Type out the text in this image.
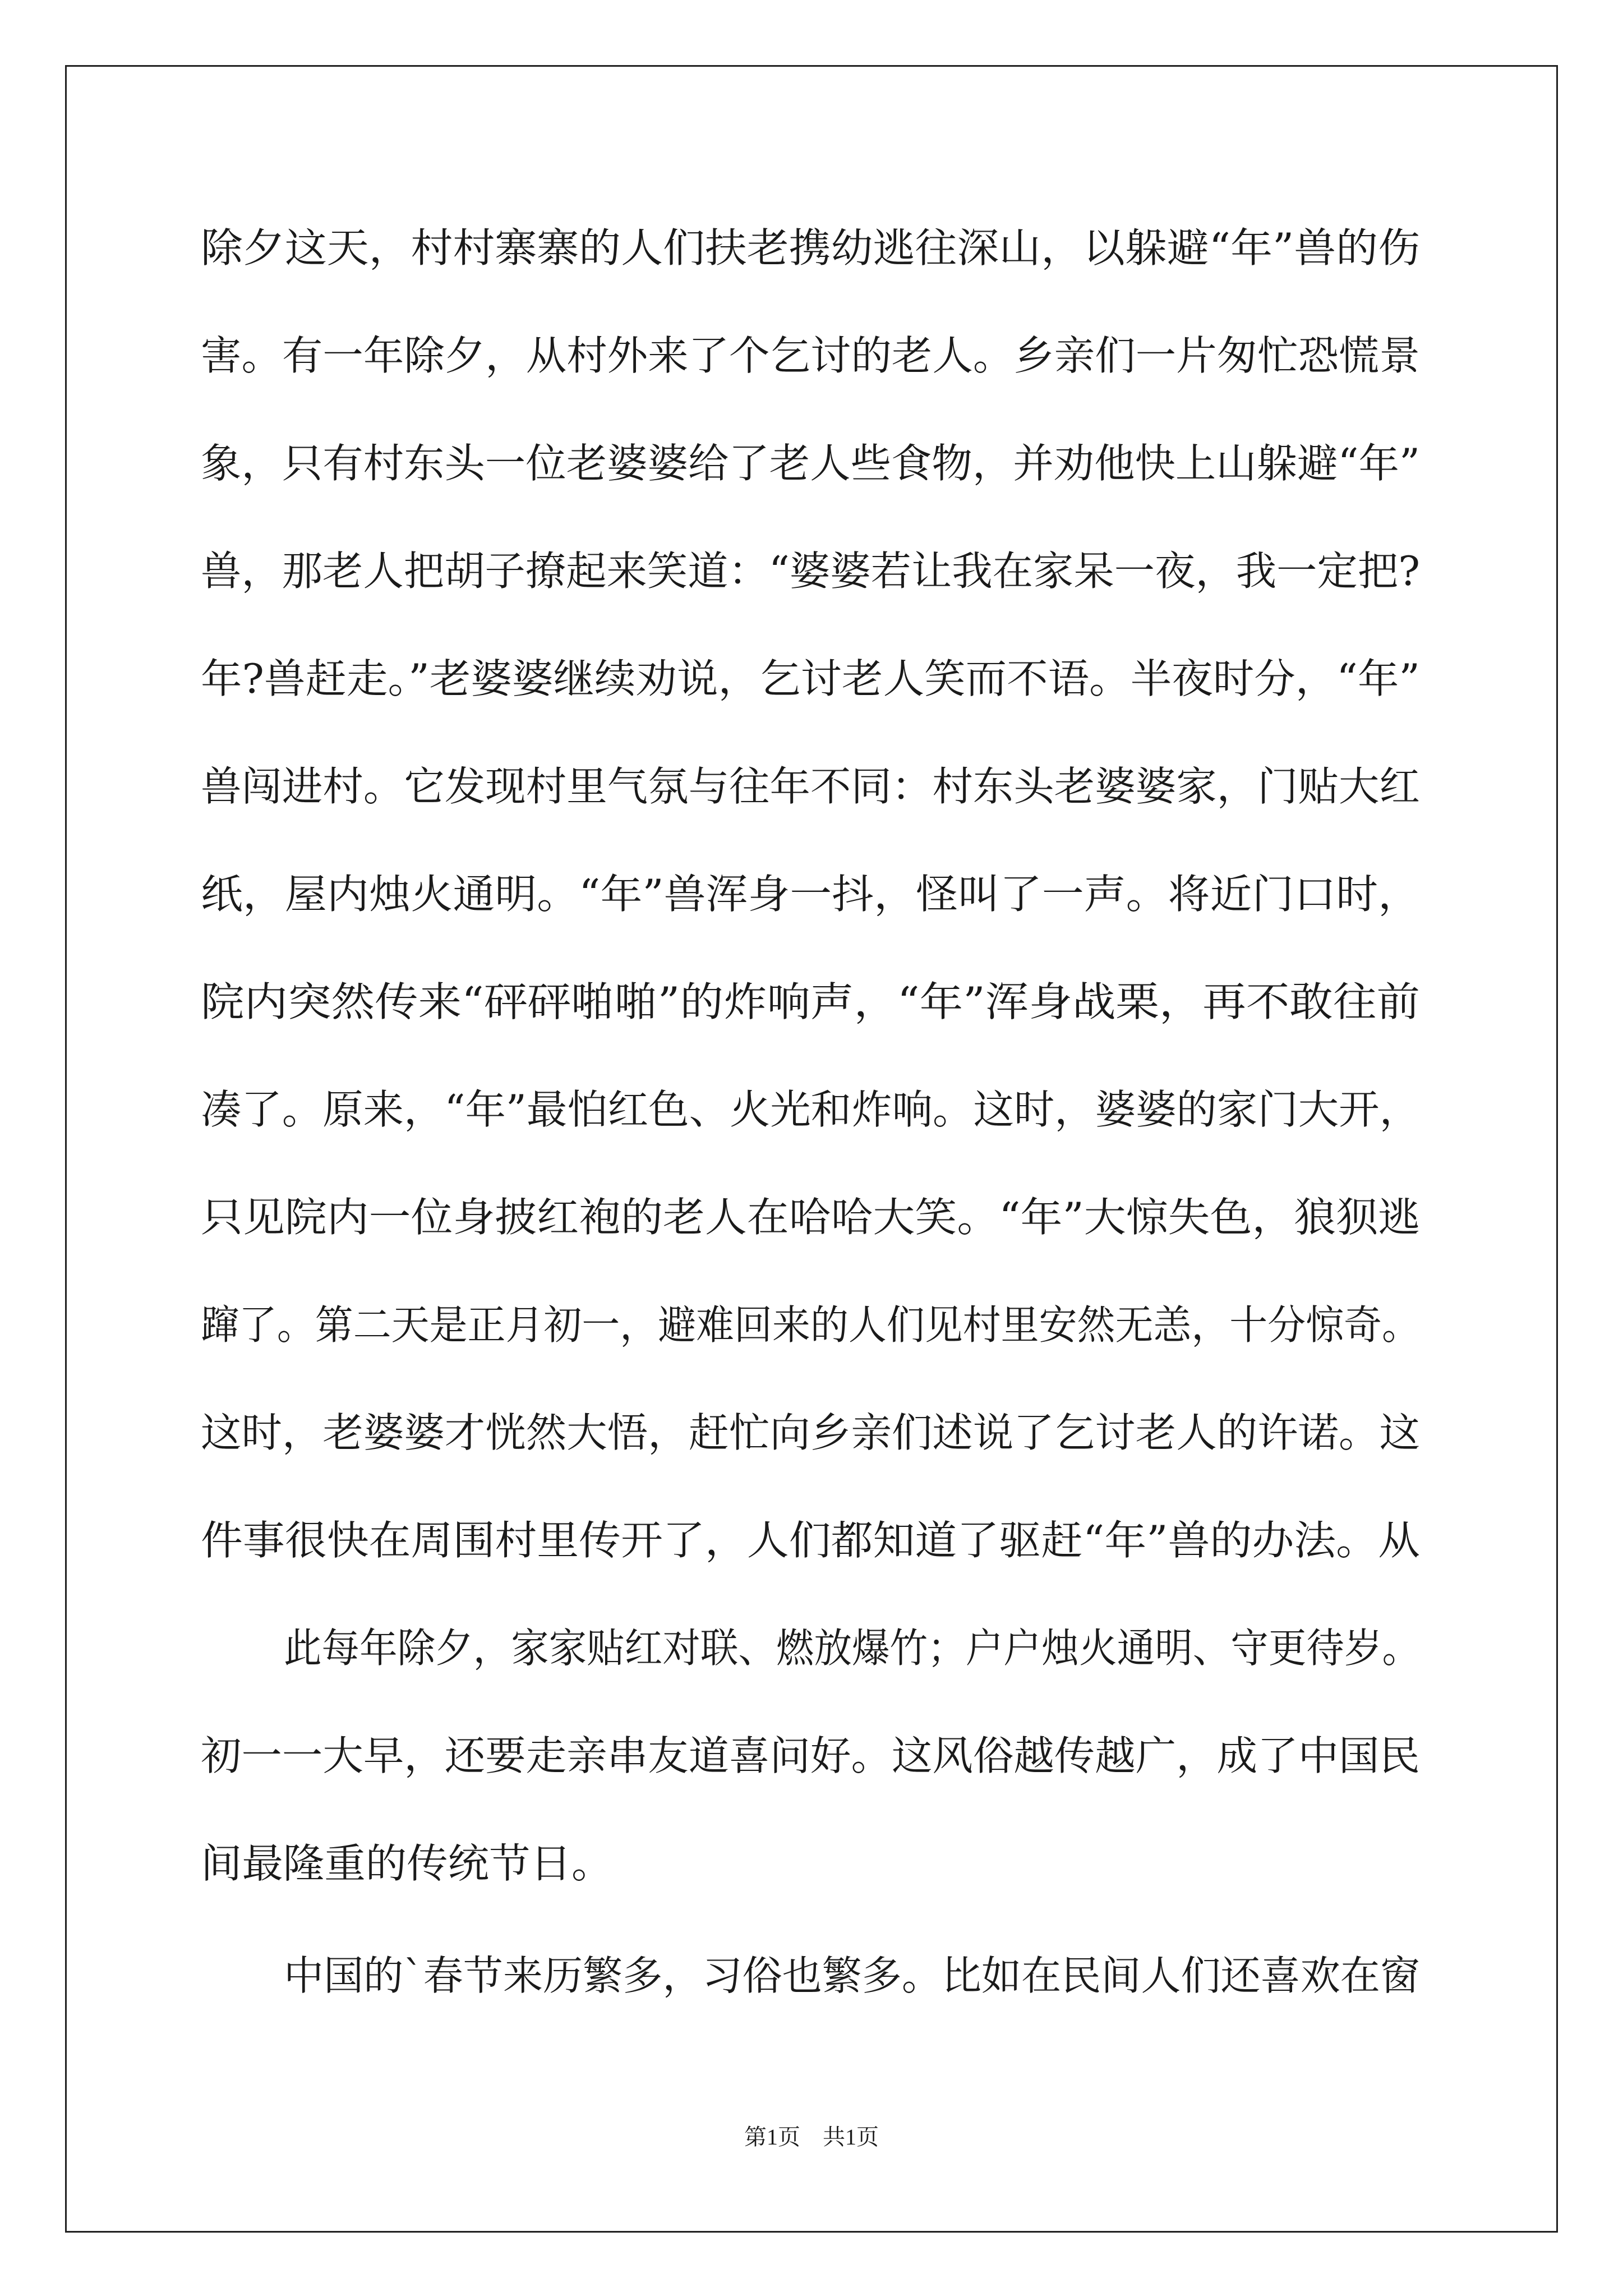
除夕这天，村村寨寨的人们扶老携幼逃往深山，以躲避“年”兽的伤

害。有一年除夕，从村外来了个乞讨的老人。乡亲们一片匆忙恐慌景

象，只有村东头一位老婆婆给了老人些食物，并劝他快上山躲避“年”

兽，那老人把胡子撩起来笑道：“婆婆若让我在家呆一夜，我一定把?

年?兽赶走。”老婆婆继续劝说，乞讨老人笑而不语。半夜时分，“年”

兽闯进村。它发现村里气氛与往年不同：村东头老婆婆家，门贴大红

纸，屋内烛火通明。“年”兽浑身一抖，怪叫了一声。将近门口时，

院内突然传来“砰砰啪啪”的炸响声，“年”浑身战栗，再不敢往前

凑了。原来，“年”最怕红色、火光和炸响。这时，婆婆的家门大开，

只见院内一位身披红袍的老人在哈哈大笑。“年”大惊失色，狼狈逃

蹿了。第二天是正月初一，避难回来的人们见村里安然无恙，十分惊奇。

这时，老婆婆才恍然大悟，赶忙向乡亲们述说了乞讨老人的许诺。这

件事很快在周围村里传开了，人们都知道了驱赶“年”兽的办法。从

此每年除夕，家家贴红对联、燃放爆竹；户户烛火通明、守更待岁。

初一一大早，还要走亲串友道喜问好。这风俗越传越广，成了中国民

间最隆重的传统节日。

中国的`春节来历繁多，习俗也繁多。比如在民间人们还喜欢在窗

第1页　共1页
